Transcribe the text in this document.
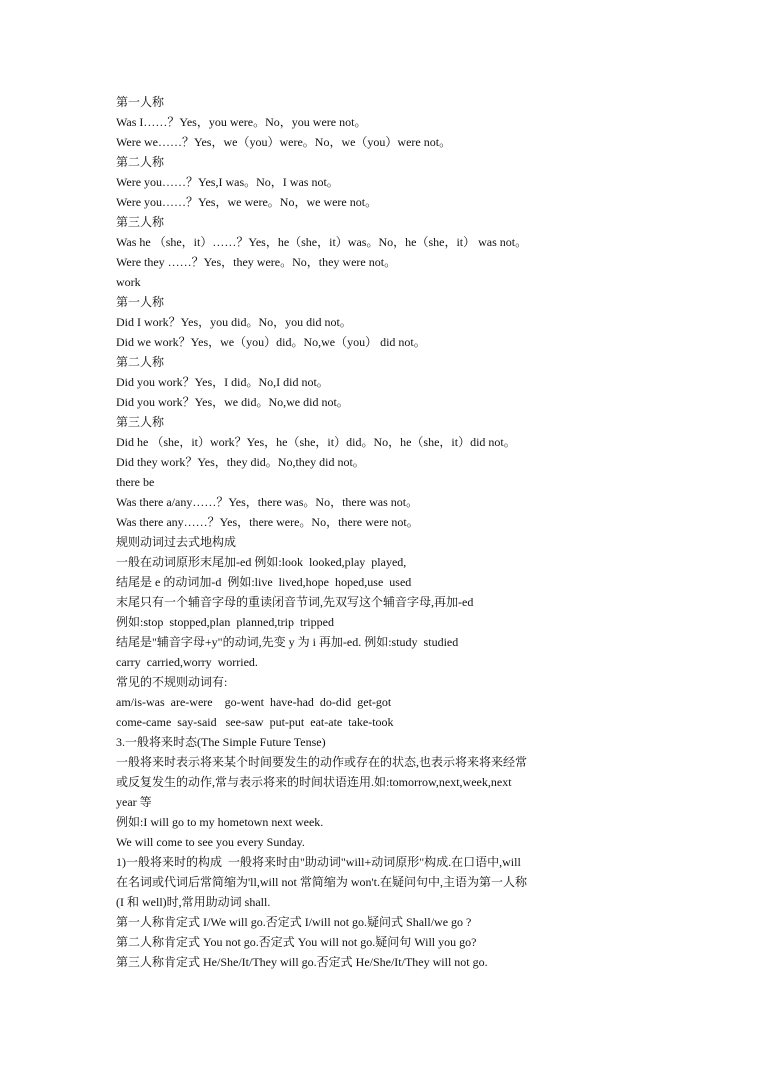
第一人称

Was I……？Yes，you were。No，you were not。

Were we……？Yes，we（you）were。No，we（you）were not。

第二人称

Were you……？Yes,I was。No，I was not。

Were you……？Yes，we were。No，we were not。

第三人称

Was he （she，it）……？Yes，he（she，it）was。No，he（she，it） was not。

Were they ……？Yes，they were。No，they were not。

work

第一人称

Did I work？Yes，you did。No，you did not。

Did we work？Yes，we（you）did。No,we（you） did not。

第二人称

Did you work？Yes，I did。No,I did not。

Did you work？Yes，we did。No,we did not。

第三人称

Did he （she，it）work？Yes，he（she，it）did。No，he（she，it）did not。

Did they work？Yes，they did。No,they did not。

there be

Was there a/any……？Yes，there was。No，there was not。

Was there any……？Yes，there were。No，there were not。

规则动词过去式地构成

一般在动词原形末尾加-ed 例如:look  looked,play  played,

结尾是 e 的动词加-d  例如:live  lived,hope  hoped,use  used

末尾只有一个辅音字母的重读闭音节词,先双写这个辅音字母,再加-ed

例如:stop  stopped,plan  planned,trip  tripped

结尾是"辅音字母+y"的动词,先变 y 为 i 再加-ed. 例如:study  studied

carry  carried,worry  worried.

常见的不规则动词有:

am/is-was  are-were    go-went  have-had  do-did  get-got

come-came  say-said   see-saw  put-put  eat-ate  take-took

3.一般将来时态(The Simple Future Tense)

一般将来时表示将来某个时间要发生的动作或存在的状态,也表示将来将来经常

或反复发生的动作,常与表示将来的时间状语连用.如:tomorrow,next,week,next

year 等

例如:I will go to my hometown next week.

We will come to see you every Sunday.

1)一般将来时的构成  一般将来时由"助动词"will+动词原形"构成.在口语中,will

在名词或代词后常简缩为'll,will not 常简缩为 won't.在疑问句中,主语为第一人称

(I 和 well)时,常用助动词 shall.

第一人称肯定式 I/We will go.否定式 I/will not go.疑问式 Shall/we go ?

第二人称肯定式 You not go.否定式 You will not go.疑问句 Will you go?

第三人称肯定式 He/She/It/They will go.否定式 He/She/It/They will not go.
